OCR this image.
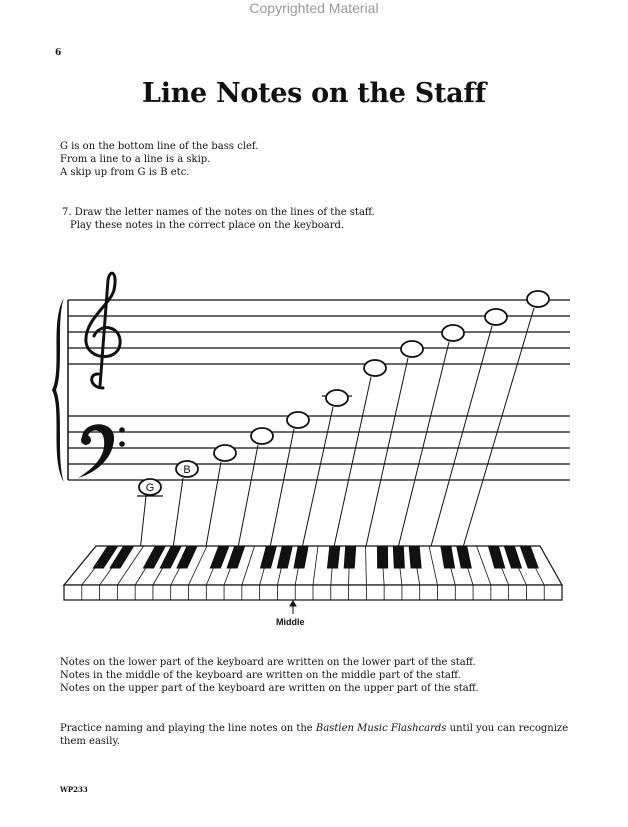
Copyrighted Material
6
Line Notes on the Staff
G is on the bottom line of the bass clef.
From a line to a line is a skip.
A skip up from G is B etc.
7. Draw the letter names of the notes on the lines of the staff.
Play these notes in the correct place on the keyboard.
G
B
Middle
Notes on the lower part of the keyboard are written on the lower part of the staff.
Notes in the middle of the keyboard are written on the middle part of the staff.
Notes on the upper part of the keyboard are written on the upper part of the staff.
Practice naming and playing the line notes on the Bastien Music Flashcards until you can recognize them easily.
WP233
